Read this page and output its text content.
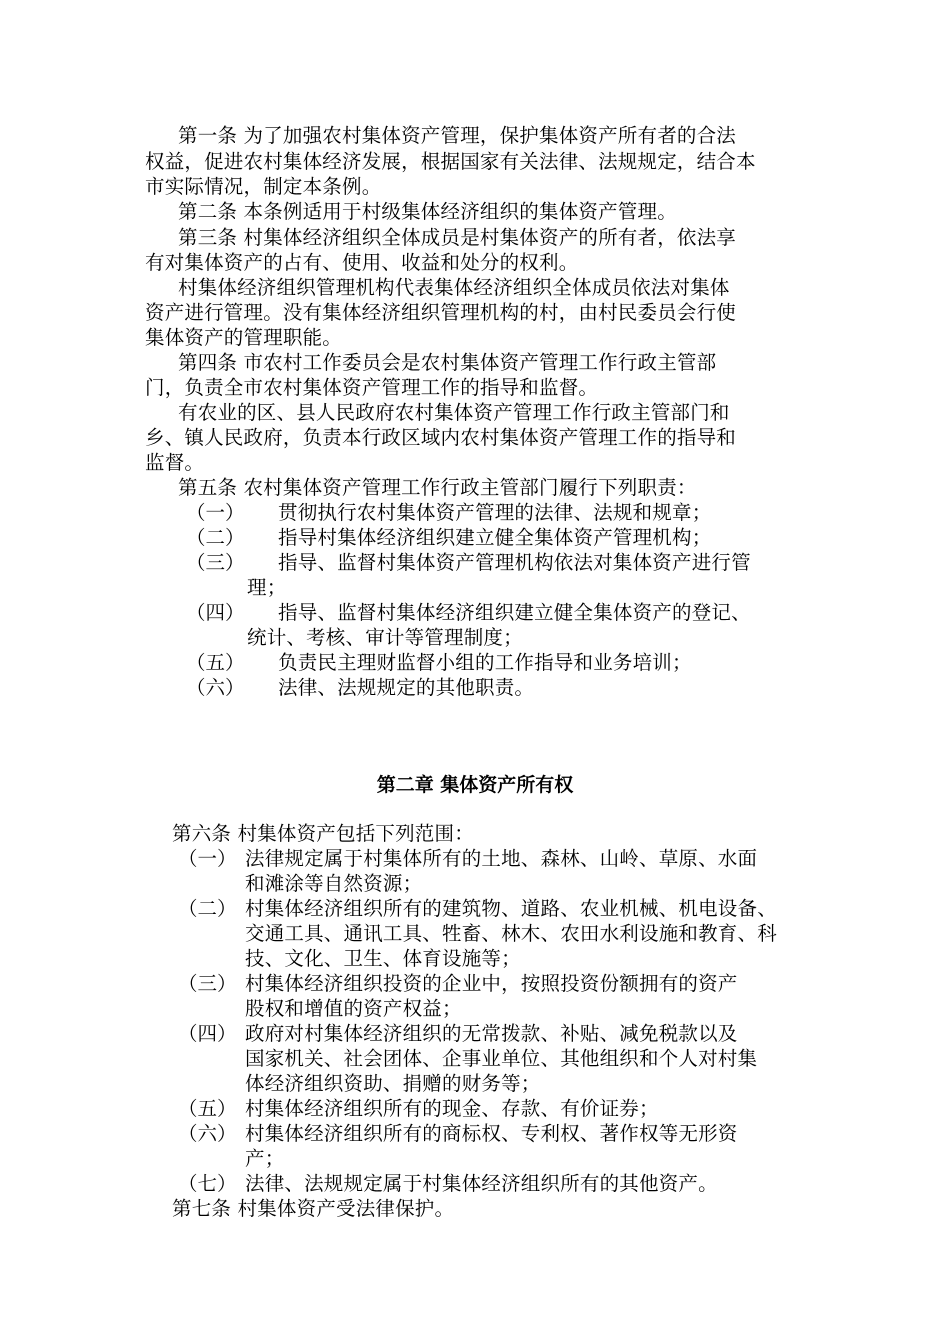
第一条 为了加强农村集体资产管理，保护集体资产所有者的合法
权益，促进农村集体经济发展，根据国家有关法律、法规规定，结合本
市实际情况，制定本条例。
第二条 本条例适用于村级集体经济组织的集体资产管理。
第三条 村集体经济组织全体成员是村集体资产的所有者，依法享
有对集体资产的占有、使用、收益和处分的权利。
村集体经济组织管理机构代表集体经济组织全体成员依法对集体
资产进行管理。没有集体经济组织管理机构的村，由村民委员会行使
集体资产的管理职能。
第四条 市农村工作委员会是农村集体资产管理工作行政主管部
门，负责全市农村集体资产管理工作的指导和监督。
有农业的区、县人民政府农村集体资产管理工作行政主管部门和
乡、镇人民政府，负责本行政区域内农村集体资产管理工作的指导和
监督。
第五条 农村集体资产管理工作行政主管部门履行下列职责：
（一） 贯彻执行农村集体资产管理的法律、法规和规章；
（二） 指导村集体经济组织建立健全集体资产管理机构；
（三） 指导、监督村集体资产管理机构依法对集体资产进行管
理；
（四） 指导、监督村集体经济组织建立健全集体资产的登记、
统计、考核、审计等管理制度；
（五） 负责民主理财监督小组的工作指导和业务培训；
（六） 法律、法规规定的其他职责。
第二章 集体资产所有权
第六条 村集体资产包括下列范围：
（一） 法律规定属于村集体所有的土地、森林、山岭、草原、水面
和滩涂等自然资源；
（二） 村集体经济组织所有的建筑物、道路、农业机械、机电设备、
交通工具、通讯工具、牲畜、林木、农田水利设施和教育、科
技、文化、卫生、体育设施等；
（三） 村集体经济组织投资的企业中，按照投资份额拥有的资产
股权和增值的资产权益；
（四） 政府对村集体经济组织的无常拨款、补贴、减免税款以及
国家机关、社会团体、企事业单位、其他组织和个人对村集
体经济组织资助、捐赠的财务等；
（五） 村集体经济组织所有的现金、存款、有价证券；
（六） 村集体经济组织所有的商标权、专利权、著作权等无形资
产；
（七） 法律、法规规定属于村集体经济组织所有的其他资产。
第七条 村集体资产受法律保护。
